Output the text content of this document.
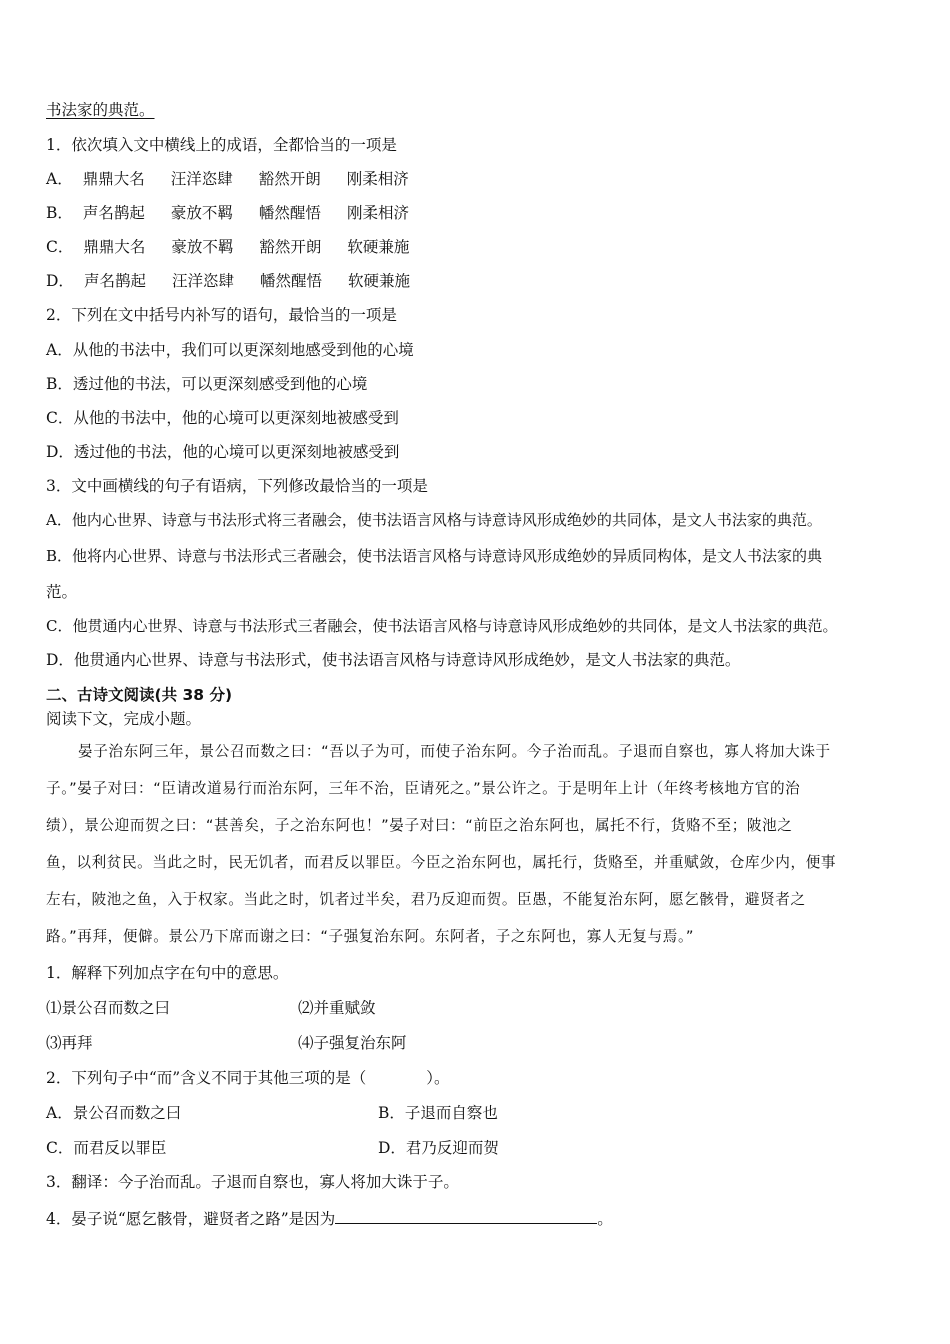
书法家的典范。
1．依次填入文中横线上的成语，全都恰当的一项是
A． 鼎鼎大名 汪洋恣肆 豁然开朗 刚柔相济
B． 声名鹊起 豪放不羁 幡然醒悟 刚柔相济
C． 鼎鼎大名 豪放不羁 豁然开朗 软硬兼施
D． 声名鹊起 汪洋恣肆 幡然醒悟 软硬兼施
2．下列在文中括号内补写的语句，最恰当的一项是
A．从他的书法中，我们可以更深刻地感受到他的心境
B．透过他的书法，可以更深刻感受到他的心境
C．从他的书法中，他的心境可以更深刻地被感受到
D．透过他的书法，他的心境可以更深刻地被感受到
3．文中画横线的句子有语病，下列修改最恰当的一项是
A．他内心世界、诗意与书法形式将三者融会，使书法语言风格与诗意诗风形成绝妙的共同体，是文人书法家的典范。
B．他将内心世界、诗意与书法形式三者融会，使书法语言风格与诗意诗风形成绝妙的异质同构体，是文人书法家的典
范。
C．他贯通内心世界、诗意与书法形式三者融会，使书法语言风格与诗意诗风形成绝妙的共同体，是文人书法家的典范。
D．他贯通内心世界、诗意与书法形式，使书法语言风格与诗意诗风形成绝妙，是文人书法家的典范。
二、古诗文阅读(共 38 分)
阅读下文，完成小题。
晏子治东阿三年，景公召而数之曰：“吾以子为可，而使子治东阿。今子治而乱。子退而自察也，寡人将加大诛于
子。”晏子对曰：“臣请改道易行而治东阿，三年不治，臣请死之。”景公许之。于是明年上计（年终考核地方官的治
绩），景公迎而贺之曰：“甚善矣，子之治东阿也！”晏子对曰：“前臣之治东阿也，属托不行，货赂不至；陂池之
鱼，以利贫民。当此之时，民无饥者，而君反以罪臣。今臣之治东阿也，属托行，货赂至，并重赋敛，仓库少内，便事
左右，陂池之鱼，入于权家。当此之时，饥者过半矣，君乃反迎而贺。臣愚，不能复治东阿，愿乞骸骨，避贤者之
路。”再拜，便僻。景公乃下席而谢之曰：“子强复治东阿。东阿者，子之东阿也，寡人无复与焉。”
1．解释下列加点字在句中的意思。
⑴景公召而数之曰	⑵并重赋敛
⑶再拜	⑷子强复治东阿
2．下列句子中“而”含义不同于其他三项的是（	）。
A．景公召而数之曰	B．子退而自察也
C．而君反以罪臣	D．君乃反迎而贺
3．翻译：今子治而乱。子退而自察也，寡人将加大诛于子。
4．晏子说“愿乞骸骨，避贤者之路”是因为	。
